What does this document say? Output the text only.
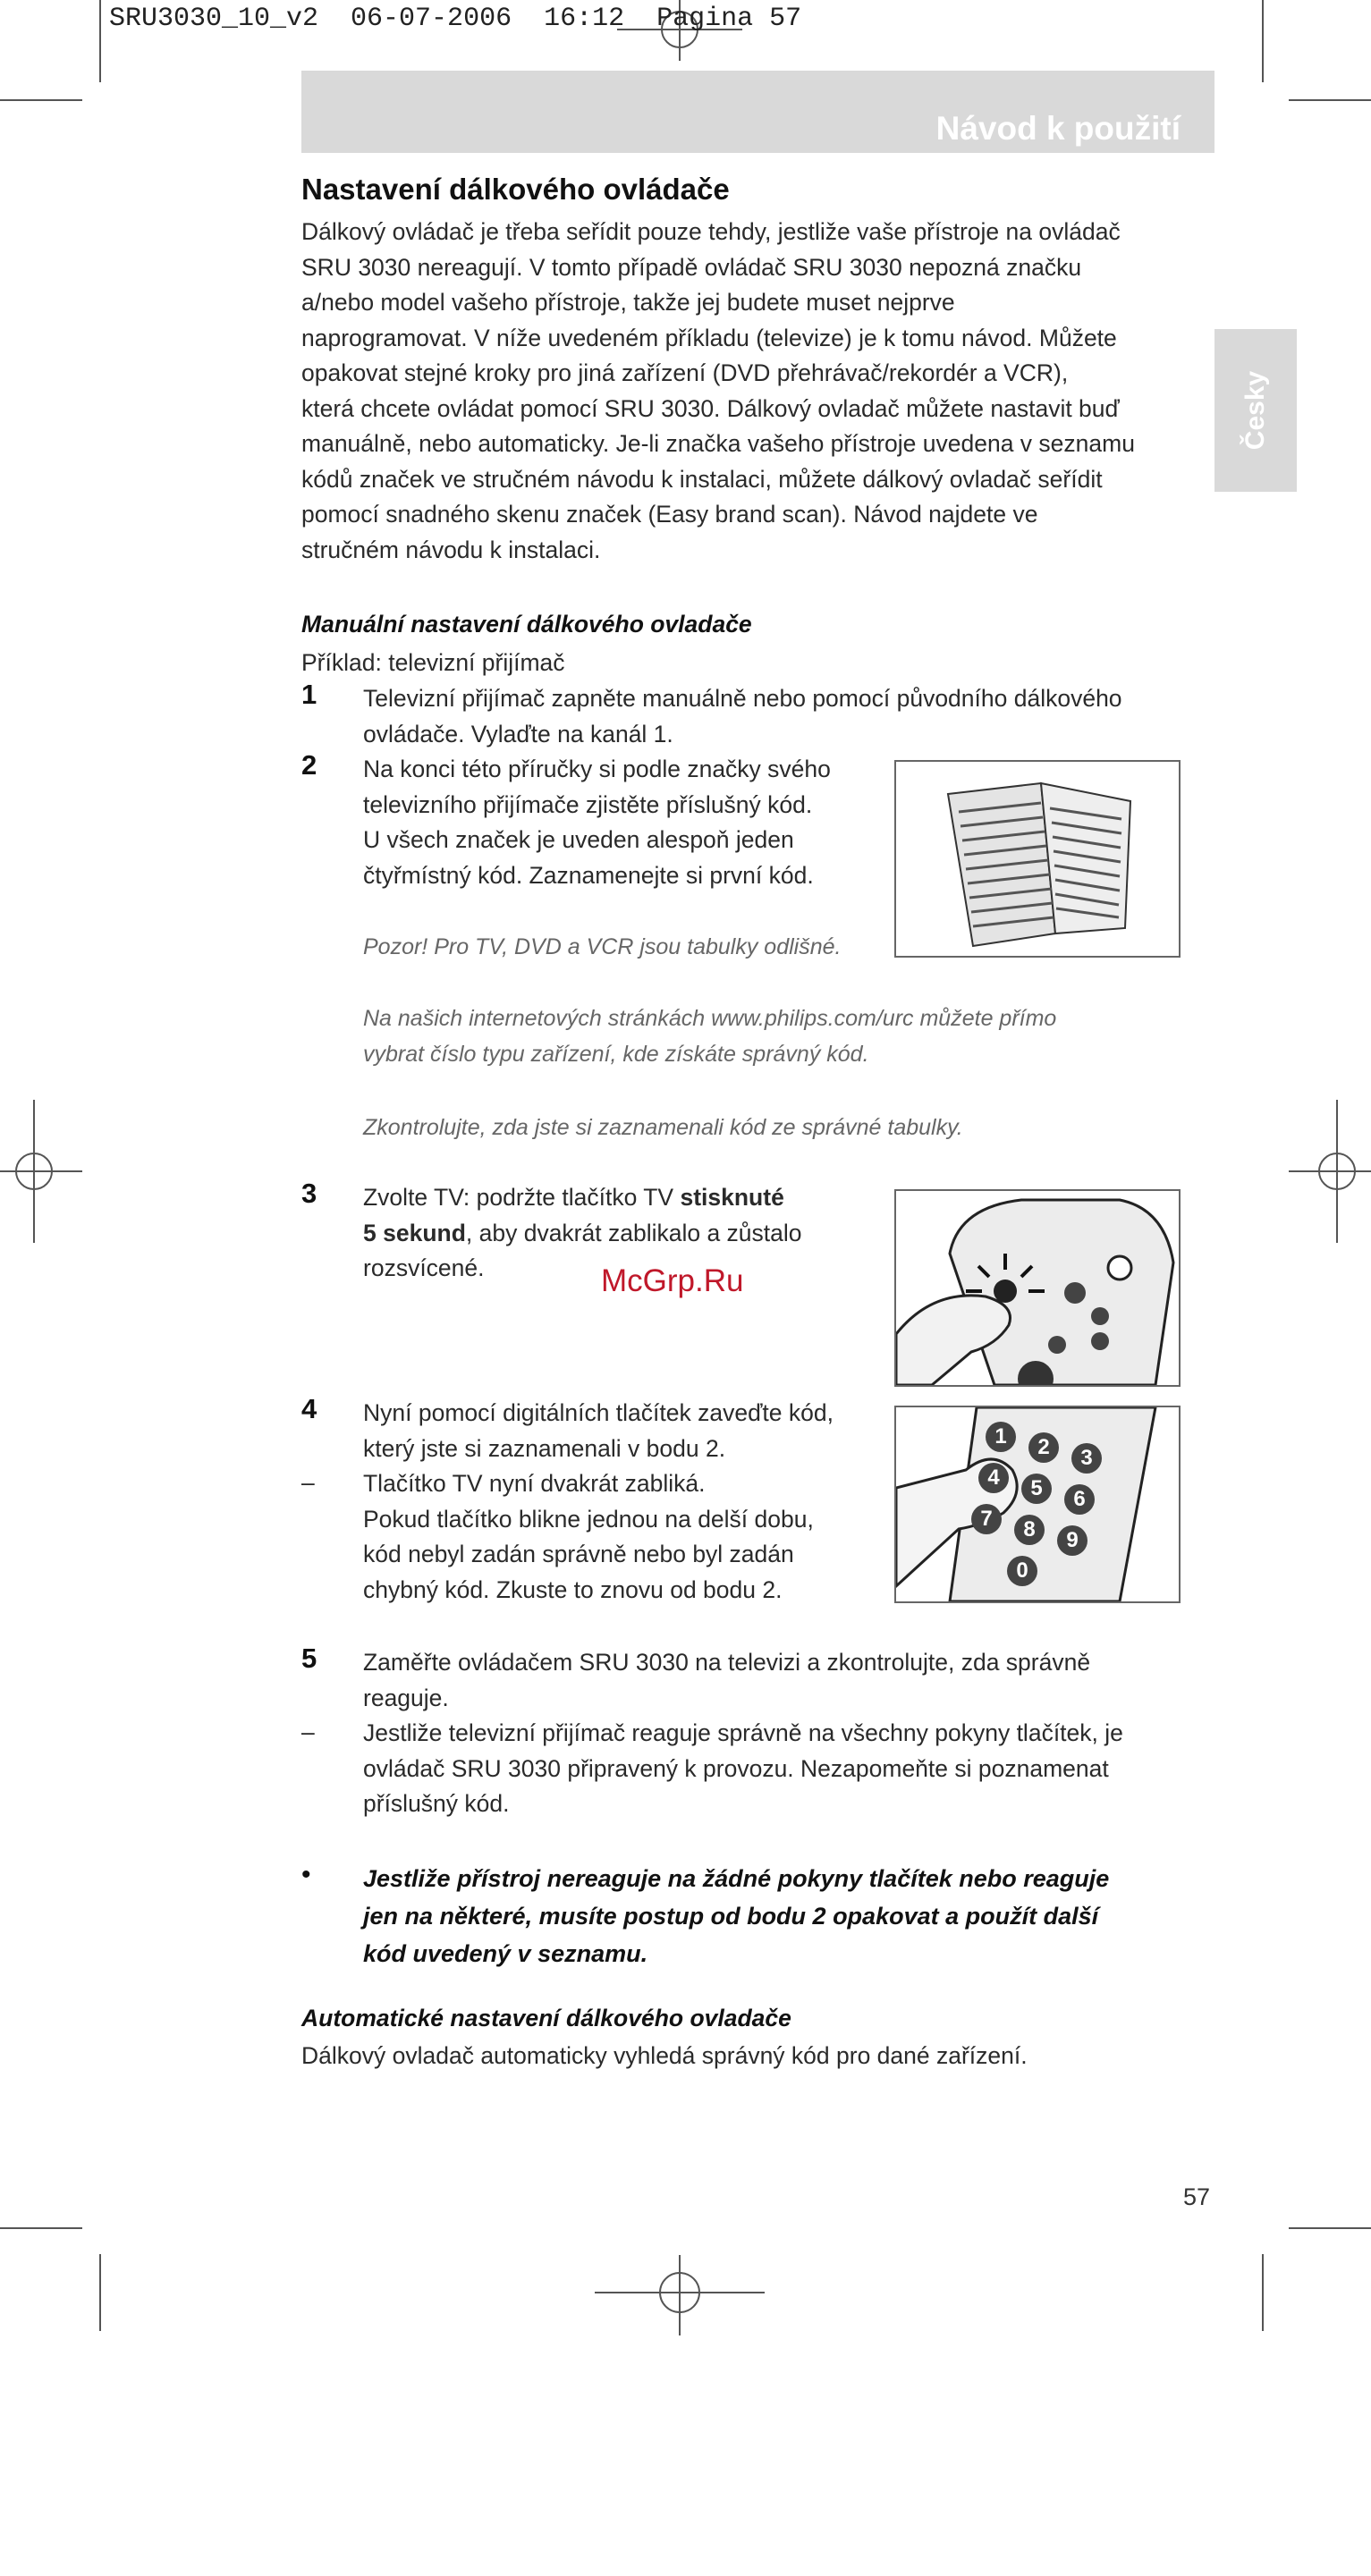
SRU3030_10_v2  06-07-2006  16:12  Pagina 57
Návod k použití
Česky
Nastavení dálkového ovládače
Dálkový ovládač je třeba seřídit pouze tehdy, jestliže vaše přístroje na ovládač
SRU 3030 nereagují. V tomto případě ovládač SRU 3030 nepozná značku
a/nebo model vašeho přístroje, takže jej budete muset nejprve
naprogramovat. V níže uvedeném příkladu (televize) je k tomu návod. Můžete
opakovat stejné kroky pro jiná zařízení (DVD přehrávač/rekordér a VCR),
která chcete ovládat pomocí SRU 3030. Dálkový ovladač můžete nastavit buď
manuálně, nebo automaticky. Je-li značka vašeho přístroje uvedena v seznamu
kódů značek ve stručném návodu k instalaci, můžete dálkový ovladač seřídit
pomocí snadného skenu značek (Easy brand scan). Návod najdete ve
stručném návodu k instalaci.
Manuální nastavení dálkového ovladače
Příklad: televizní přijímač
1 Televizní přijímač zapněte manuálně nebo pomocí původního dálkového
ovládače. Vylaďte na kanál 1.
2 Na konci této příručky si podle značky svého
televizního přijímače zjistěte příslušný kód.
U všech značek je uveden alespoň jeden
čtyřmístný kód. Zaznamenejte si první kód.
Pozor! Pro TV, DVD a VCR jsou tabulky odlišné.
Na našich internetových stránkách www.philips.com/urc můžete přímo
vybrat číslo typu zařízení, kde získáte správný kód.
Zkontrolujte, zda jste si zaznamenali kód ze správné tabulky.
3 Zvolte TV: podržte tlačítko TV stisknuté
5 sekund, aby dvakrát zablikalo a zůstalo
rozsvícené.	McGrp.Ru
4 Nyní pomocí digitálních tlačítek zaveďte kód,
který jste si zaznamenali v bodu 2.
– Tlačítko TV nyní dvakrát zabliká.
Pokud tlačítko blikne jednou na delší dobu,
kód nebyl zadán správně nebo byl zadán
chybný kód. Zkuste to znovu od bodu 2.
1 2 3
4 5 6
7 8 9
0
5 Zaměřte ovládačem SRU 3030 na televizi a zkontrolujte, zda správně
reaguje.
– Jestliže televizní přijímač reaguje správně na všechny pokyny tlačítek, je
ovládač SRU 3030 připravený k provozu. Nezapomeňte si poznamenat
příslušný kód.
• Jestliže přístroj nereaguje na žádné pokyny tlačítek nebo reaguje
jen na některé, musíte postup od bodu 2 opakovat a použít další
kód uvedený v seznamu.
Automatické nastavení dálkového ovladače
Dálkový ovladač automaticky vyhledá správný kód pro dané zařízení.
57
